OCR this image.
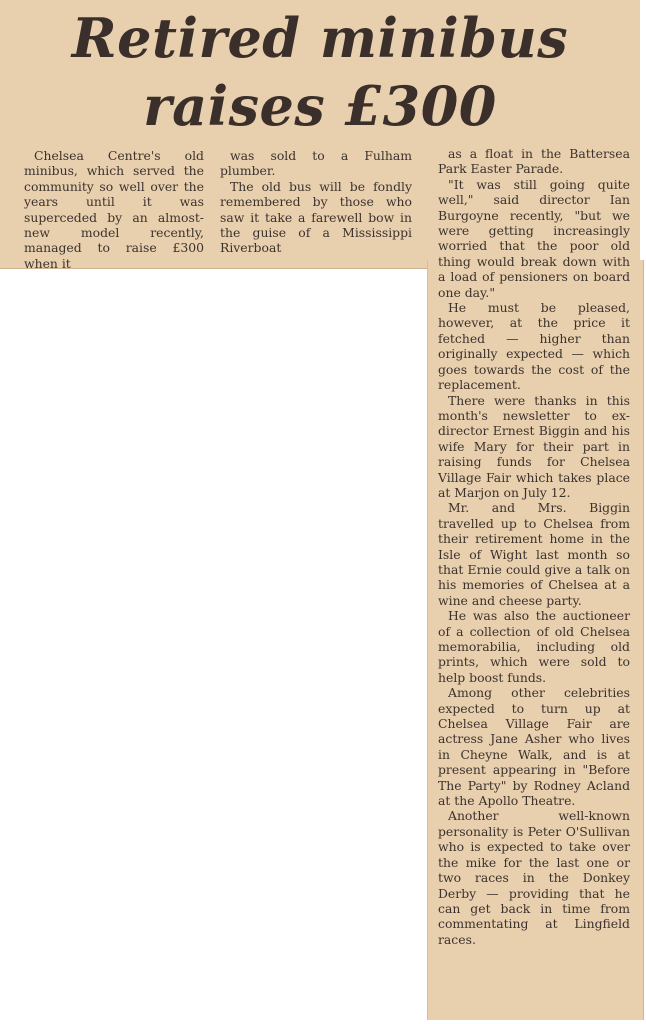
Retired minibus
raises £300

Chelsea Centre's old minibus, which served the community so well over the years until it was superceded by an almost-new model recently, managed to raise £300 when it

was sold to a Fulham plumber.

The old bus will be fondly remembered by those who saw it take a farewell bow in the guise of a Mississippi Riverboat

as a float in the Battersea Park Easter Parade.

"It was still going quite well," said director Ian Burgoyne recently, "but we were getting increasingly worried that the poor old thing would break down with a load of pensioners on board one day."

He must be pleased, however, at the price it fetched — higher than originally expected — which goes towards the cost of the replacement.

There were thanks in this month's newsletter to ex-director Ernest Biggin and his wife Mary for their part in raising funds for Chelsea Village Fair which takes place at Marjon on July 12.

Mr. and Mrs. Biggin travelled up to Chelsea from their retirement home in the Isle of Wight last month so that Ernie could give a talk on his memories of Chelsea at a wine and cheese party.

He was also the auctioneer of a collection of old Chelsea memorabilia, including old prints, which were sold to help boost funds.

Among other celebrities expected to turn up at Chelsea Village Fair are actress Jane Asher who lives in Cheyne Walk, and is at present appearing in "Before The Party" by Rodney Acland at the Apollo Theatre.

Another well-known personality is Peter O'Sullivan who is expected to take over the mike for the last one or two races in the Donkey Derby — providing that he can get back in time from commentating at Lingfield races.
